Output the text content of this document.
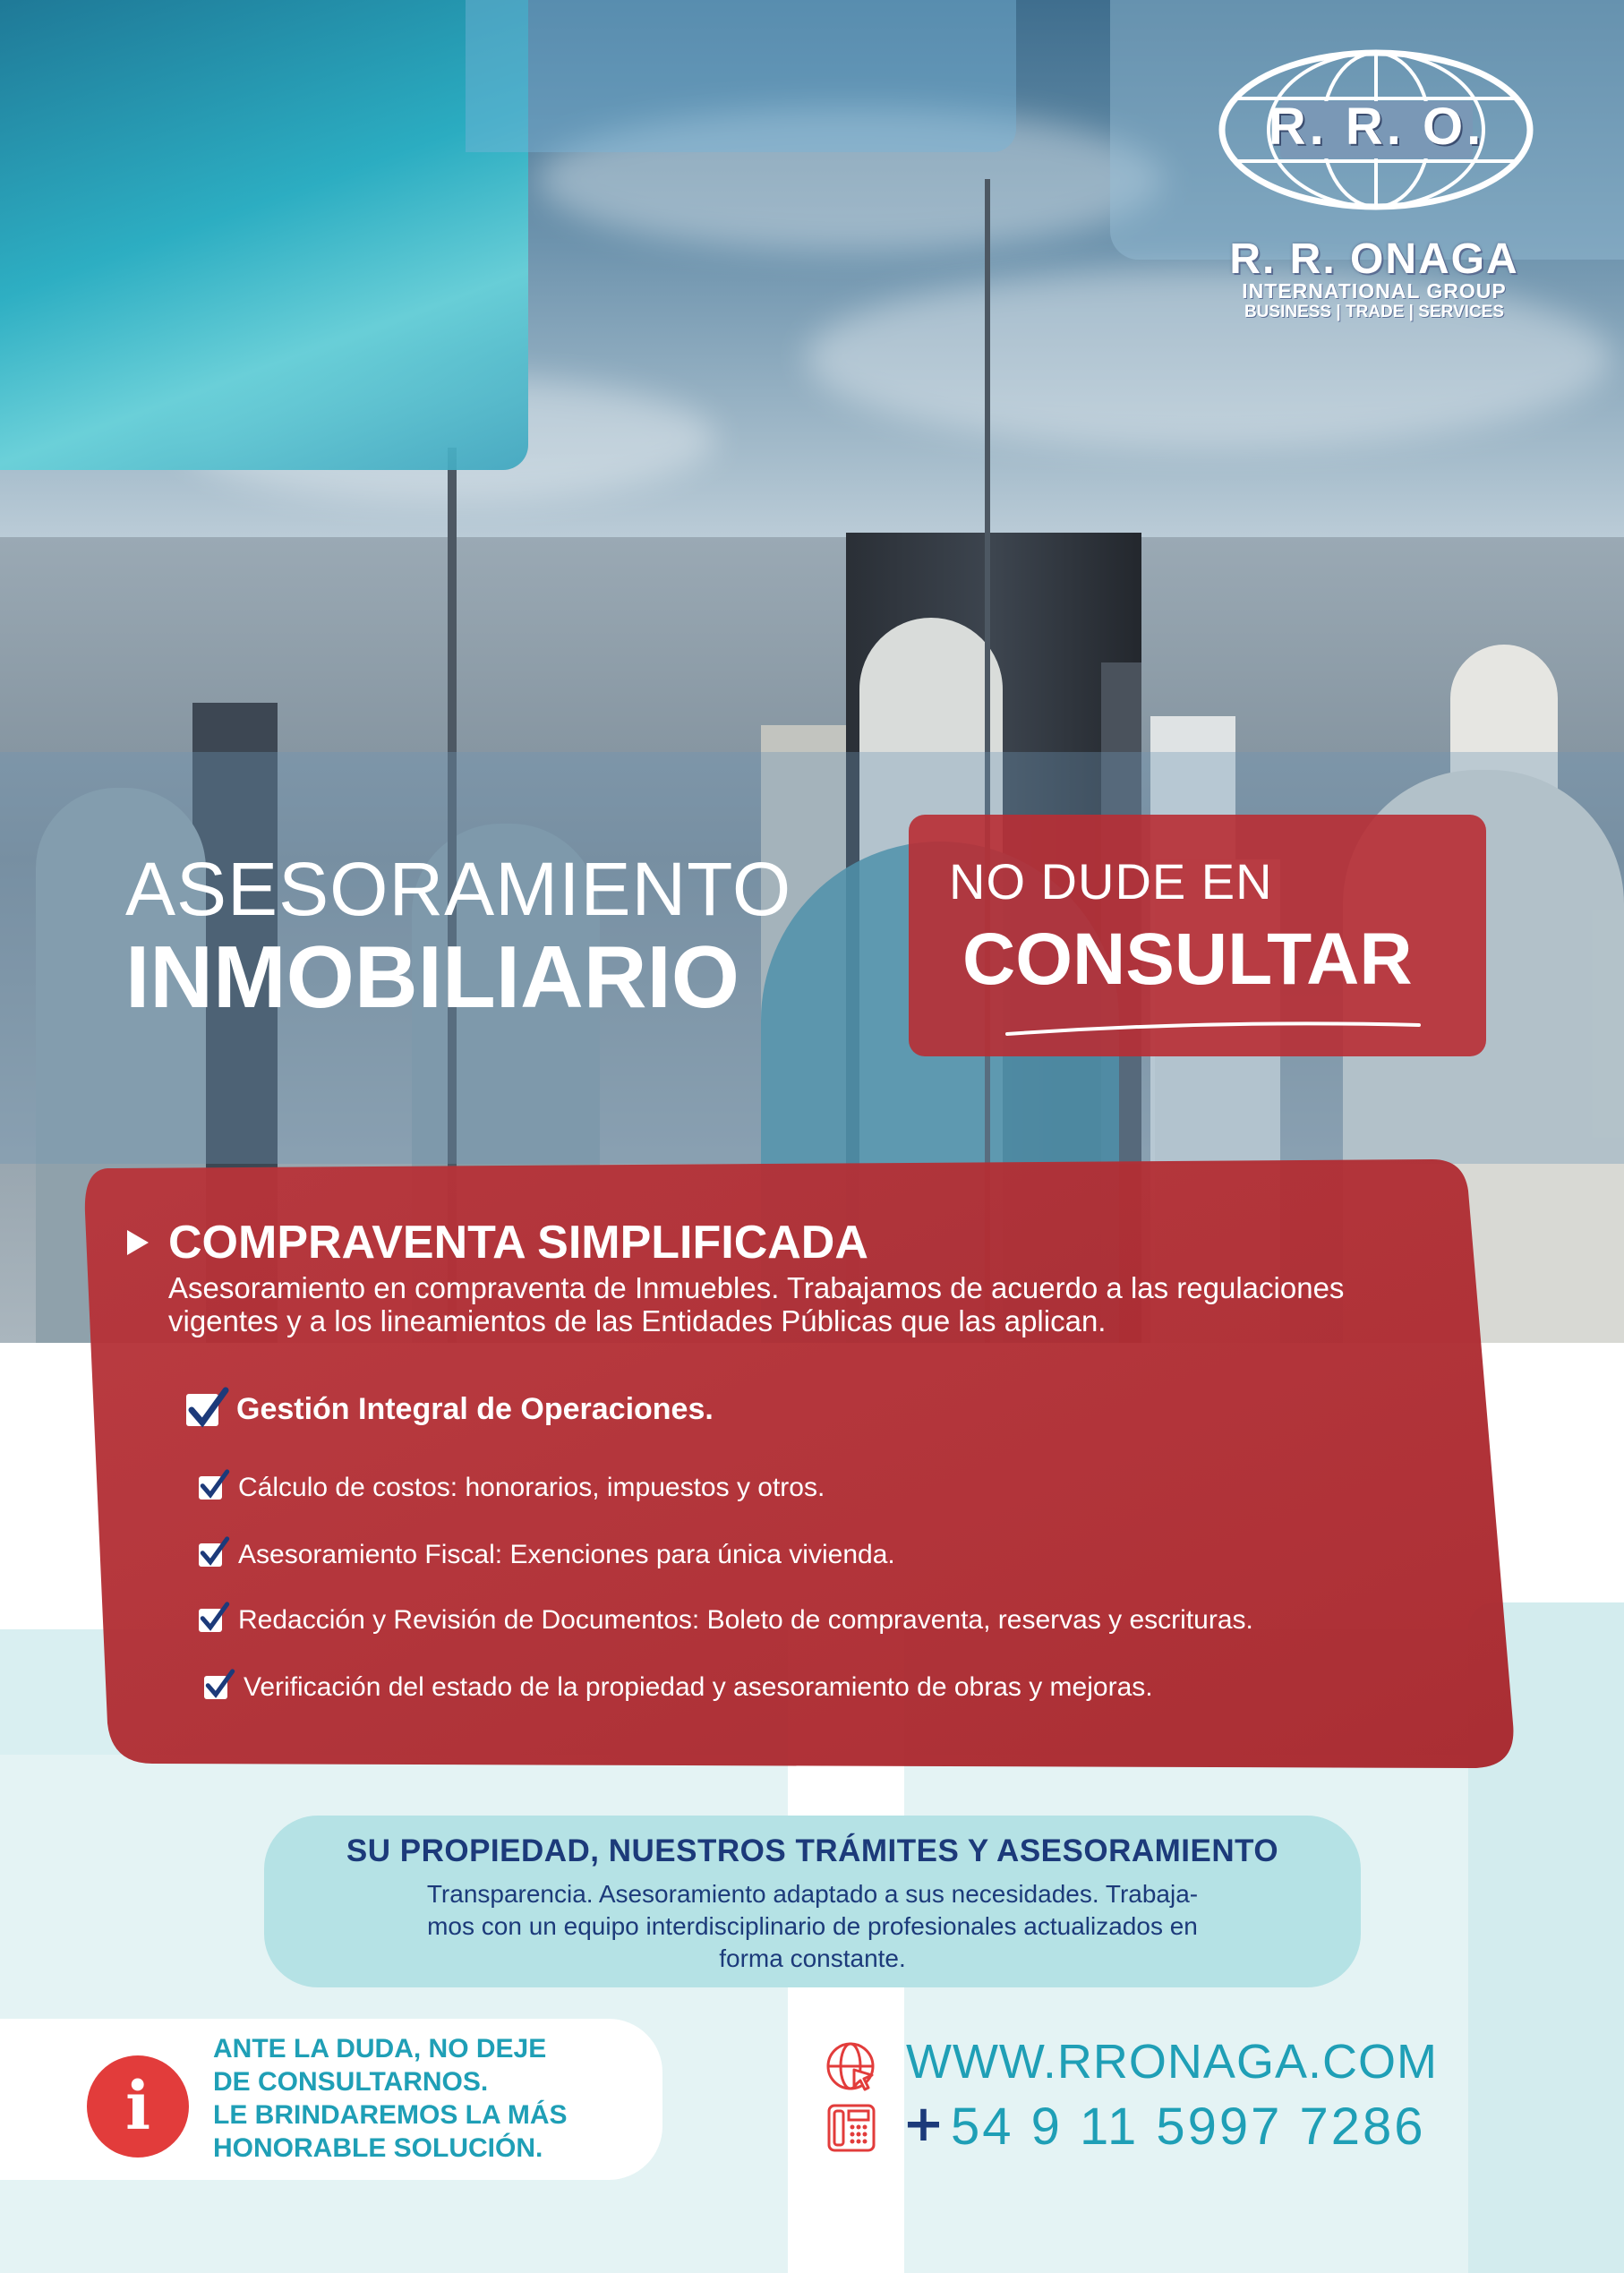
R. R. O.
R. R. ONAGA
INTERNATIONAL GROUP
BUSINESS | TRADE | SERVICES
ASESORAMIENTO
INMOBILIARIO
NO DUDE EN
CONSULTAR
COMPRAVENTA SIMPLIFICADA
Asesoramiento en compraventa de Inmuebles. Trabajamos de acuerdo a las regulaciones vigentes y a los lineamientos de las Entidades Públicas que las aplican.
Gestión Integral de Operaciones.
Cálculo de costos: honorarios, impuestos y otros.
Asesoramiento Fiscal: Exenciones para única vivienda.
Redacción y Revisión de Documentos: Boleto de compraventa, reservas y escrituras.
Verificación del estado de la propiedad y asesoramiento de obras y mejoras.
SU PROPIEDAD, NUESTROS TRÁMITES Y ASESORAMIENTO
Transparencia. Asesoramiento adaptado a sus necesidades. Trabaja-
mos con un equipo interdisciplinario de profesionales actualizados en
forma constante.
i
ANTE LA DUDA, NO DEJE
DE CONSULTARNOS.
LE BRINDAREMOS LA MÁS
HONORABLE SOLUCIÓN.
WWW.RRONAGA.COM
+ 54 9 11 5997 7286
